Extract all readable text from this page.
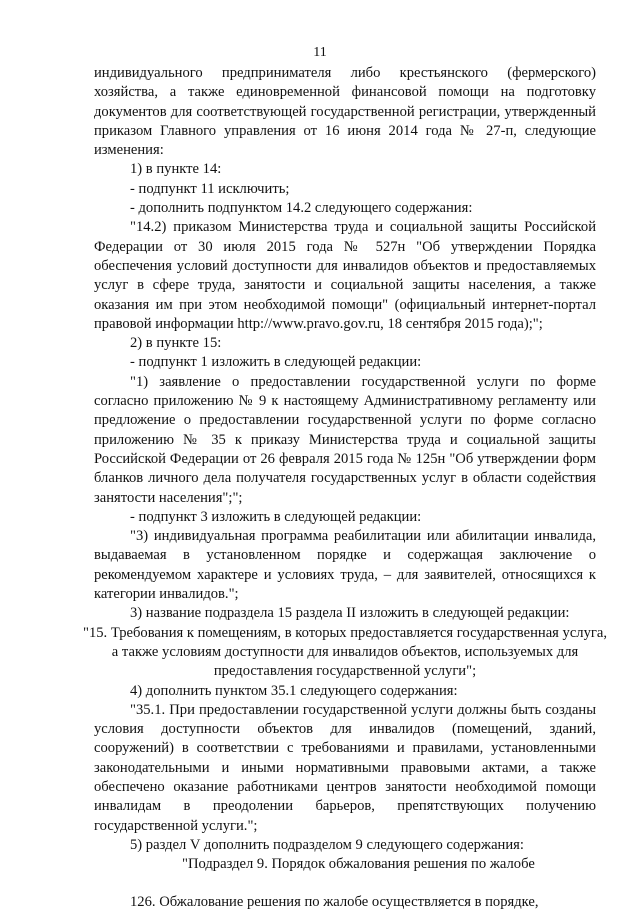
11

индивидуального предпринимателя либо крестьянского (фермерского) хозяйства, а также единовременной финансовой помощи на подготовку документов для соответствующей государственной регистрации, утвержденный приказом Главного управления от 16 июня 2014 года № 27-п, следующие изменения:

1) в пункте 14:

- подпункт 11 исключить;

- дополнить подпунктом 14.2 следующего содержания:

"14.2) приказом Министерства труда и социальной защиты Российской Федерации от 30 июля 2015 года № 527н "Об утверждении Порядка обеспечения условий доступности для инвалидов объектов и предоставляемых услуг в сфере труда, занятости и социальной защиты населения, а также оказания им при этом необходимой помощи" (официальный интернет-портал правовой информации http://www.pravo.gov.ru, 18 сентября 2015 года);";

2) в пункте 15:

- подпункт 1 изложить в следующей редакции:

"1) заявление о предоставлении государственной услуги по форме согласно приложению № 9 к настоящему Административному регламенту или предложение о предоставлении государственной услуги по форме согласно приложению № 35 к приказу Министерства труда и социальной защиты Российской Федерации от 26 февраля 2015 года № 125н "Об утверждении форм бланков личного дела получателя государственных услуг в области содействия занятости населения";";

- подпункт 3 изложить в следующей редакции:

"3) индивидуальная программа реабилитации или абилитации инвалида, выдаваемая в установленном порядке и содержащая заключение о рекомендуемом характере и условиях труда, – для заявителей, относящихся к категории инвалидов.";

3) название подраздела 15 раздела II изложить в следующей редакции:

"15. Требования к помещениям, в которых предоставляется государственная услуга, а также условиям доступности для инвалидов объектов, используемых для предоставления государственной услуги";

4) дополнить пунктом 35.1 следующего содержания:

"35.1. При предоставлении государственной услуги должны быть созданы условия доступности объектов для инвалидов (помещений, зданий, сооружений) в соответствии с требованиями и правилами, установленными законодательными и иными нормативными правовыми актами, а также обеспечено оказание работниками центров занятости необходимой помощи инвалидам в преодолении барьеров, препятствующих получению государственной услуги.";

5) раздел V дополнить подразделом 9 следующего содержания:

"Подраздел 9. Порядок обжалования решения по жалобе

126. Обжалование решения по жалобе осуществляется в порядке,
